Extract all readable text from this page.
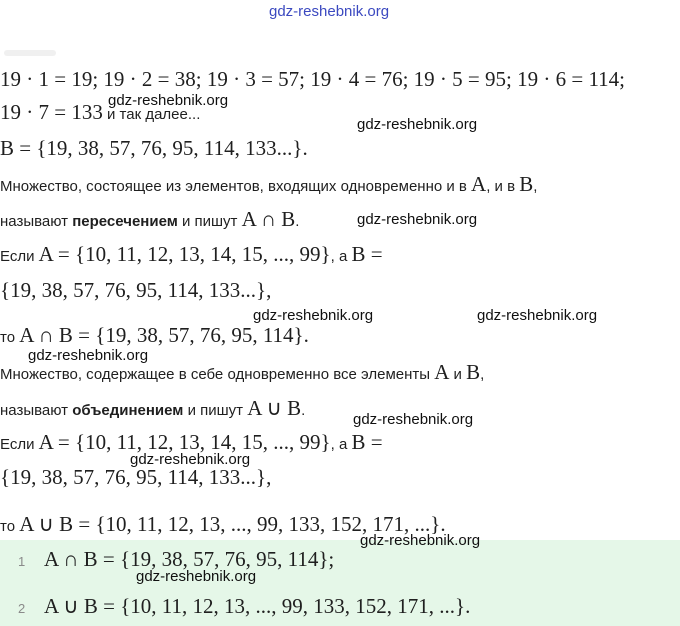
gdz-reshebnik.org
19 · 1 = 19; 19 · 2 = 38; 19 · 3 = 57; 19 · 4 = 76; 19 · 5 = 95; 19 · 6 = 114;
19 · 7 = 133 и так далее...
B = {19, 38, 57, 76, 95, 114, 133...}.
Множество, состоящее из элементов, входящих одновременно и в A, и в B,
называют пересечением и пишут A ∩ B.
Если A = {10, 11, 12, 13, 14, 15, ..., 99}, а B =
{19, 38, 57, 76, 95, 114, 133...},
то A ∩ B = {19, 38, 57, 76, 95, 114}.
Множество, содержащее в себе одновременно все элементы A и B,
называют объединением и пишут A ∪ B.
Если A = {10, 11, 12, 13, 14, 15, ..., 99}, а B =
{19, 38, 57, 76, 95, 114, 133...},
то A ∪ B = {10, 11, 12, 13, ..., 99, 133, 152, 171, ...}.
1 A ∩ B = {19, 38, 57, 76, 95, 114};
2 A ∪ B = {10, 11, 12, 13, ..., 99, 133, 152, 171, ...}.
gdz-reshebnik.org
gdz-reshebnik.org
gdz-reshebnik.org
gdz-reshebnik.org	gdz-reshebnik.org
gdz-reshebnik.org
gdz-reshebnik.org
gdz-reshebnik.org
gdz-reshebnik.org
gdz-reshebnik.org
